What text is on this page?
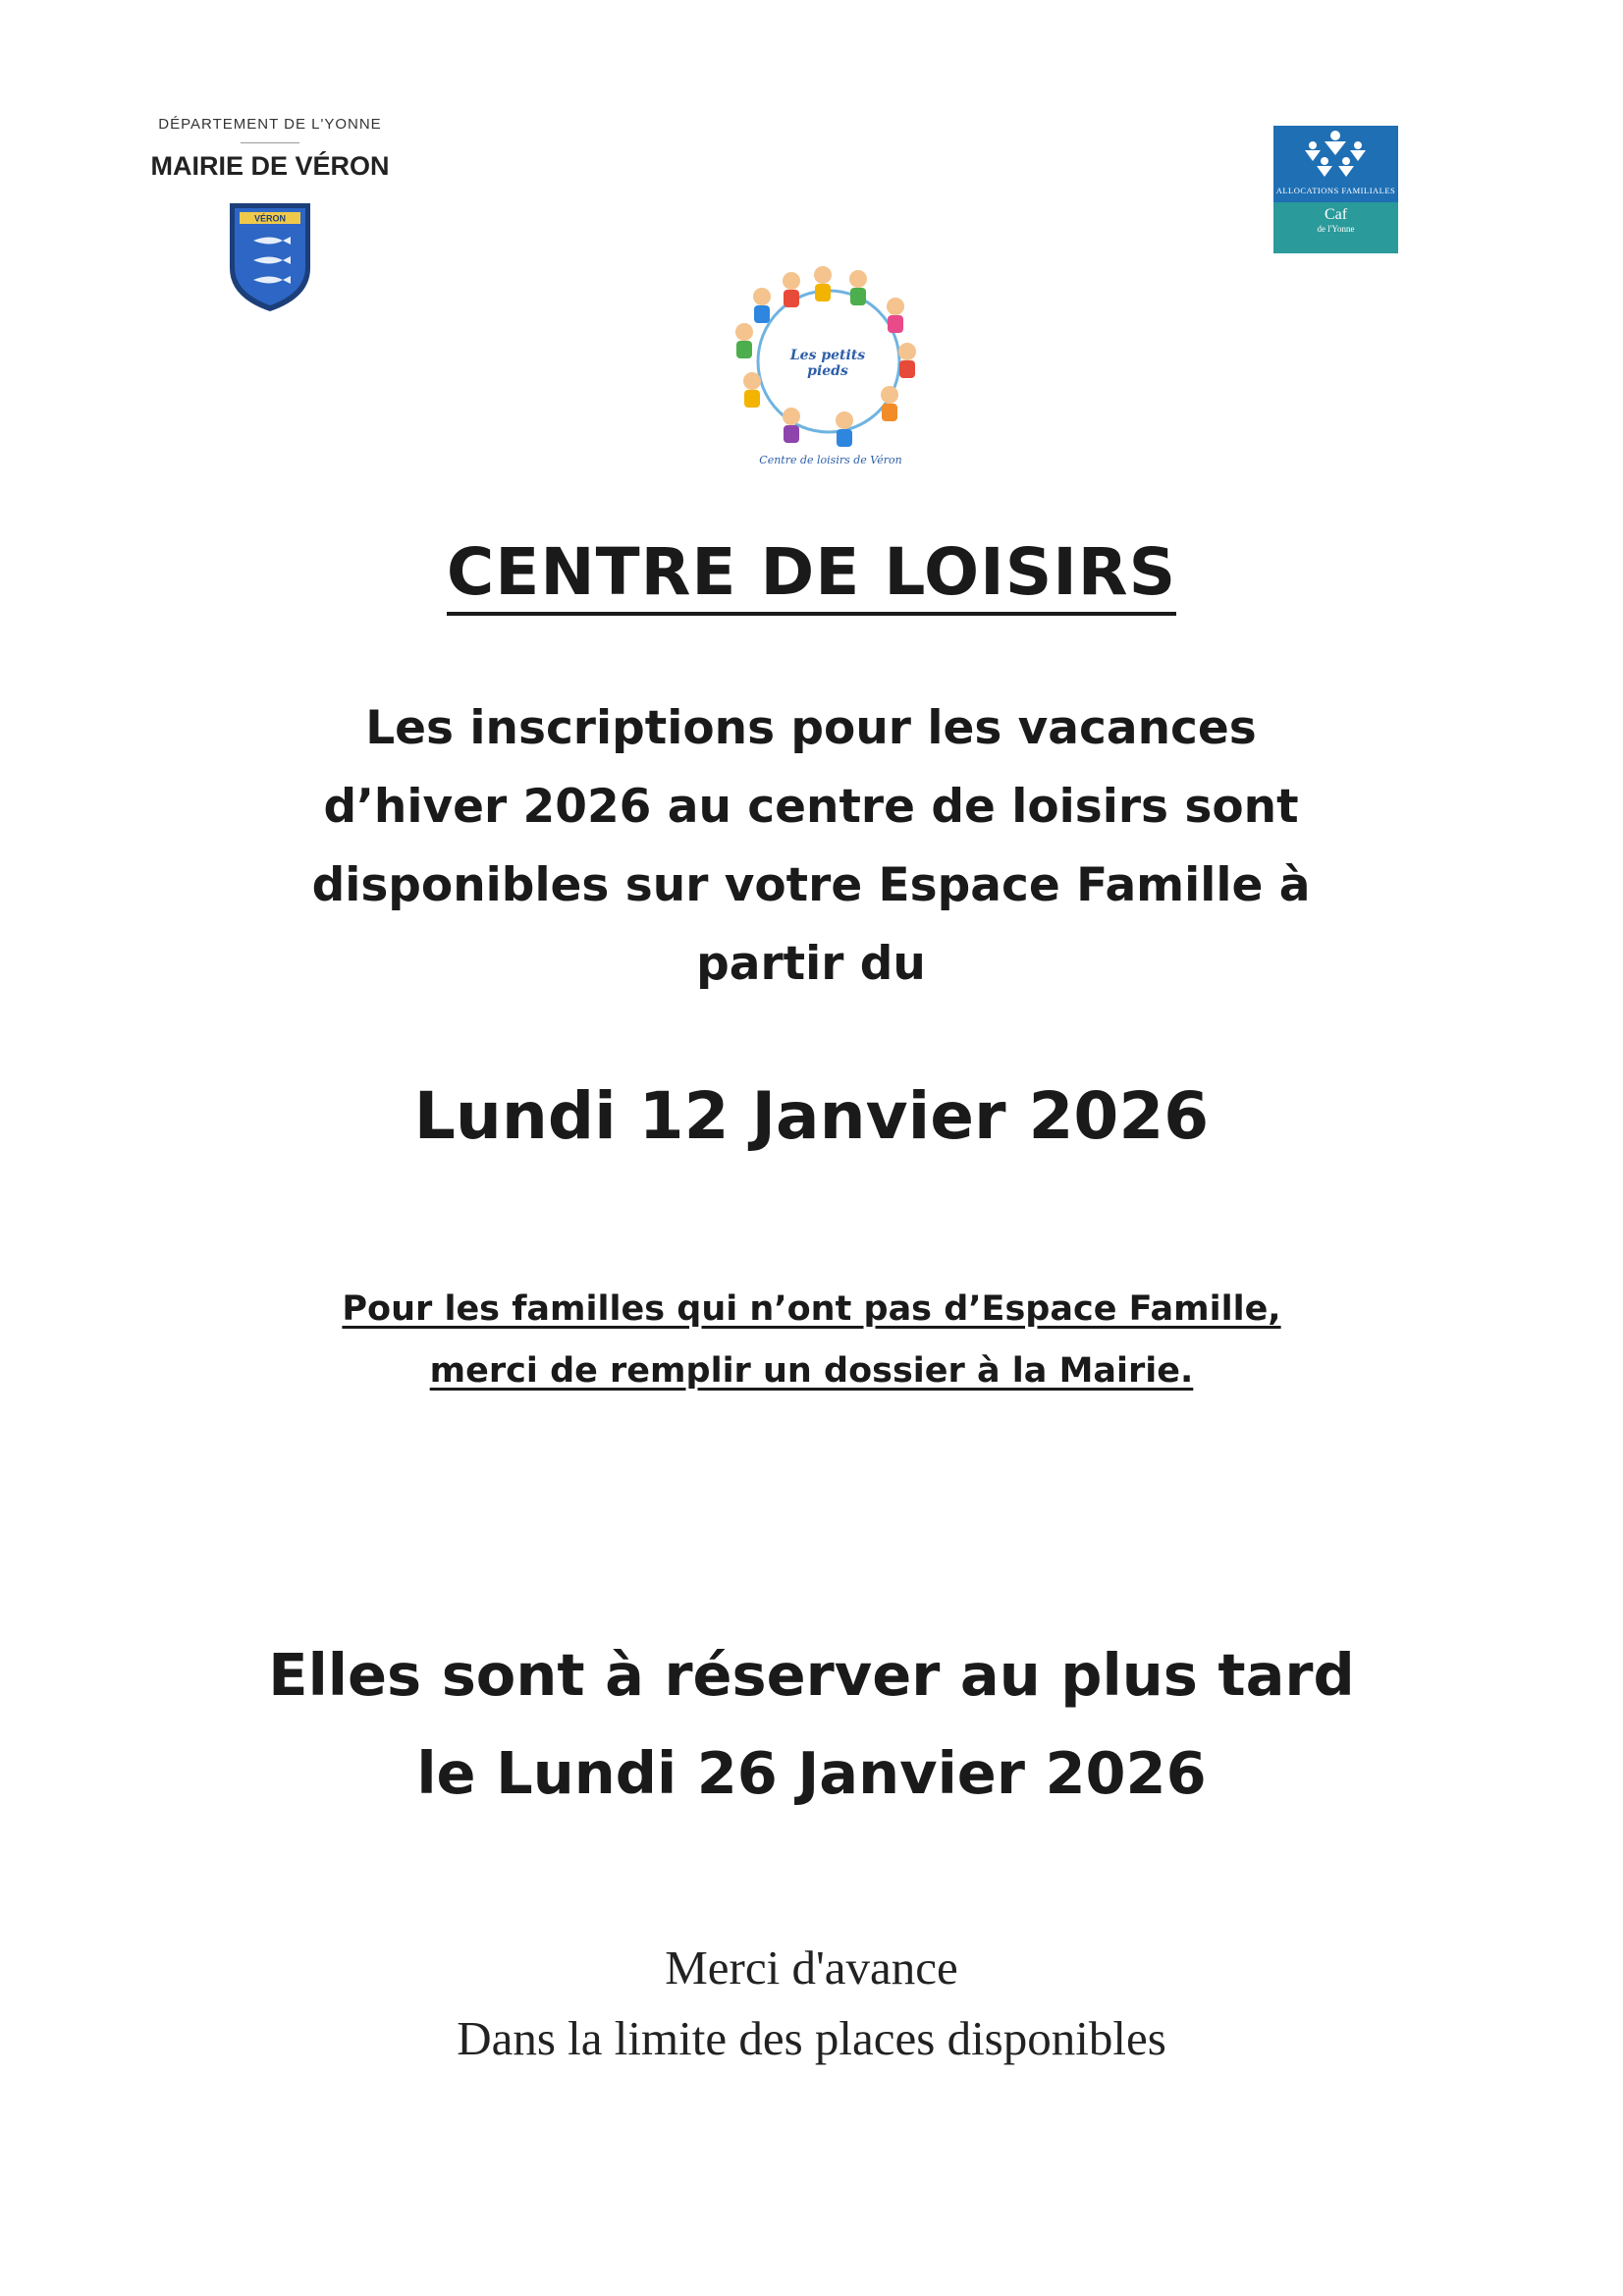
DÉPARTEMENT DE L'YONNE
MAIRIE DE VÉRON
VÉRON
ALLOCATIONS FAMILIALES
Caf
de l'Yonne
Les petits pieds
Centre de loisirs de Véron
CENTRE DE LOISIRS
Les inscriptions pour les vacances
d’hiver 2026 au centre de loisirs sont
disponibles sur votre Espace Famille à
partir du
Lundi 12 Janvier 2026
Pour les familles qui n’ont pas d’Espace Famille,
merci de remplir un dossier à la Mairie.
Elles sont à réserver au plus tard
le Lundi 26 Janvier 2026
Merci d'avance
Dans la limite des places disponibles
